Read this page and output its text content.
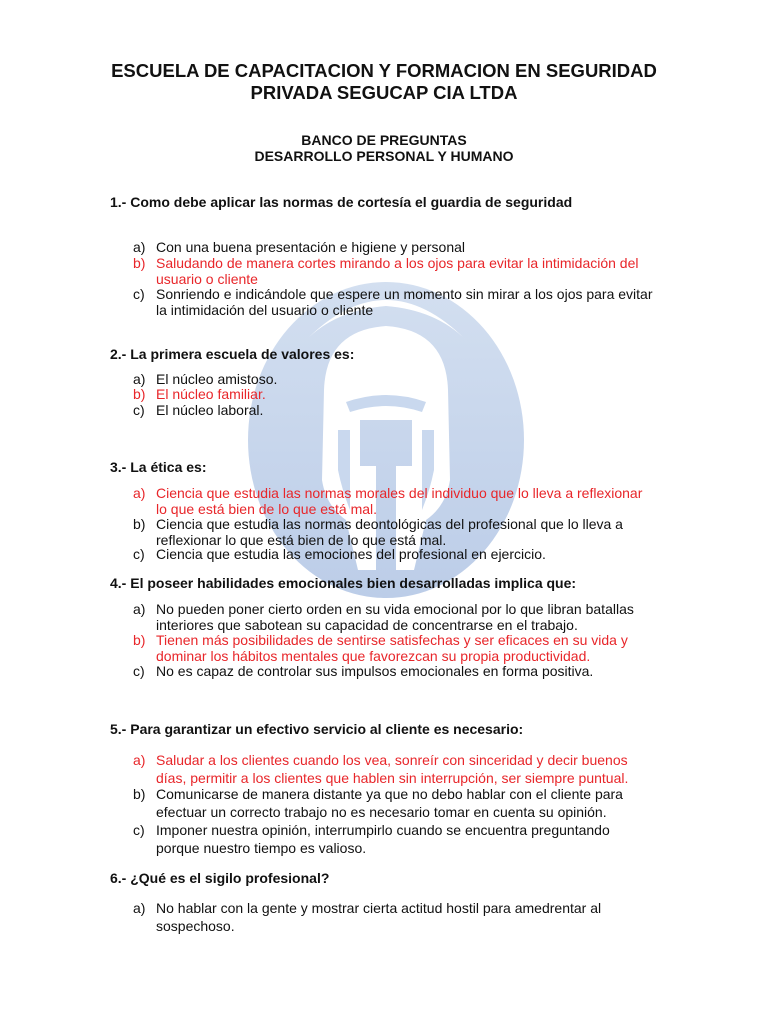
ESCUELA DE CAPACITACION Y FORMACION EN SEGURIDAD
PRIVADA SEGUCAP CIA LTDA
BANCO DE PREGUNTAS
DESARROLLO PERSONAL Y HUMANO
1.- Como debe aplicar las normas de cortesía el guardia de seguridad
a) Con una buena presentación e higiene y personal
b) Saludando de manera cortes mirando a los ojos para evitar la intimidación del usuario o cliente
c) Sonriendo e indicándole que espere un momento sin mirar a los ojos para evitar la intimidación del usuario o cliente
2.- La primera escuela de valores es:
a) El núcleo amistoso.
b) El núcleo familiar.
c) El núcleo laboral.
3.- La ética es:
a) Ciencia que estudia las normas morales del individuo que lo lleva a reflexionar lo que está bien de lo que está mal.
b) Ciencia que estudia las normas deontológicas del profesional que lo lleva a reflexionar lo que está bien de lo que está mal.
c) Ciencia que estudia las emociones del profesional en ejercicio.
4.- El poseer habilidades emocionales bien desarrolladas implica que:
a) No pueden poner cierto orden en su vida emocional por lo que libran batallas interiores que sabotean su capacidad de concentrarse en el trabajo.
b) Tienen más posibilidades de sentirse satisfechas y ser eficaces en su vida y dominar los hábitos mentales que favorezcan su propia productividad.
c) No es capaz de controlar sus impulsos emocionales en forma positiva.
5.- Para garantizar un efectivo servicio al cliente es necesario:
a) Saludar a los clientes cuando los vea, sonreír con sinceridad y decir buenos días, permitir a los clientes que hablen sin interrupción, ser siempre puntual.
b) Comunicarse de manera distante ya que no debo hablar con el cliente para efectuar un correcto trabajo no es necesario tomar en cuenta su opinión.
c) Imponer nuestra opinión, interrumpirlo cuando se encuentra preguntando porque nuestro tiempo es valioso.
6.- ¿Qué es el sigilo profesional?
a) No hablar con la gente y mostrar cierta actitud hostil para amedrentar al sospechoso.
